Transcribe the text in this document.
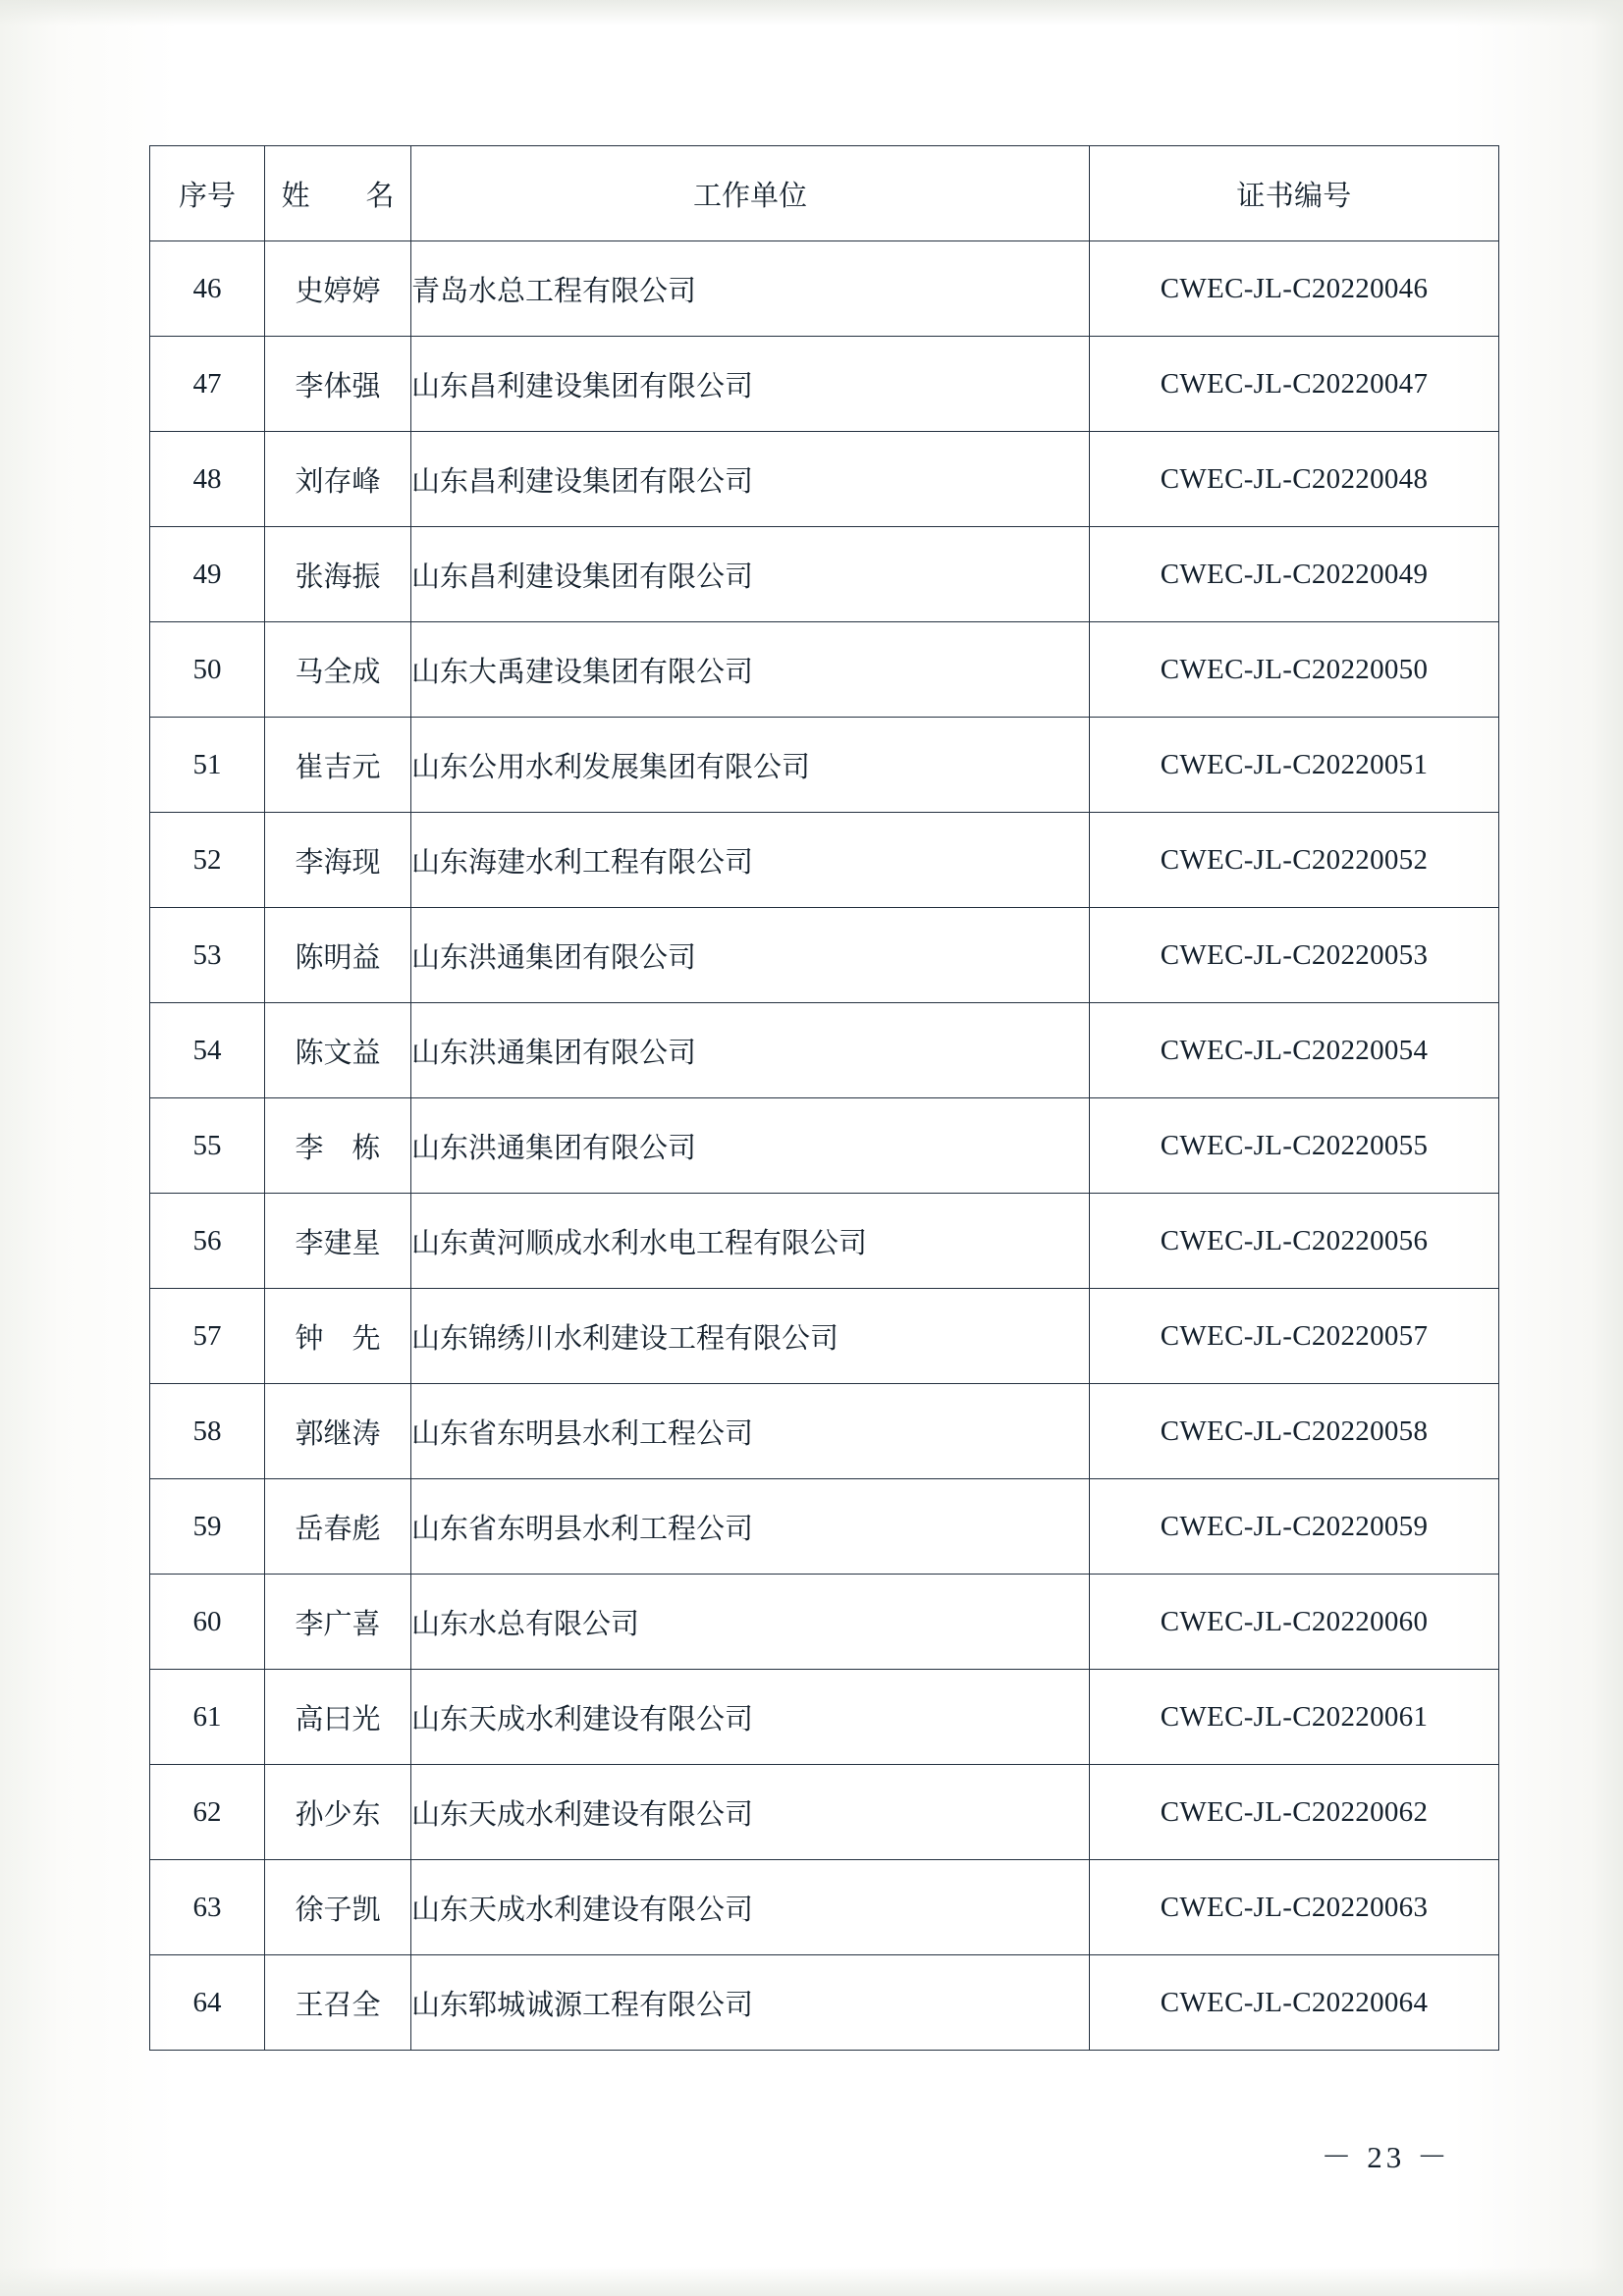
序号	姓　名	工作单位	证书编号
46	史婷婷	青岛水总工程有限公司	CWEC-JL-C20220046
47	李体强	山东昌利建设集团有限公司	CWEC-JL-C20220047
48	刘存峰	山东昌利建设集团有限公司	CWEC-JL-C20220048
49	张海振	山东昌利建设集团有限公司	CWEC-JL-C20220049
50	马全成	山东大禹建设集团有限公司	CWEC-JL-C20220050
51	崔吉元	山东公用水利发展集团有限公司	CWEC-JL-C20220051
52	李海现	山东海建水利工程有限公司	CWEC-JL-C20220052
53	陈明益	山东洪通集团有限公司	CWEC-JL-C20220053
54	陈文益	山东洪通集团有限公司	CWEC-JL-C20220054
55	李　栋	山东洪通集团有限公司	CWEC-JL-C20220055
56	李建星	山东黄河顺成水利水电工程有限公司	CWEC-JL-C20220056
57	钟　先	山东锦绣川水利建设工程有限公司	CWEC-JL-C20220057
58	郭继涛	山东省东明县水利工程公司	CWEC-JL-C20220058
59	岳春彪	山东省东明县水利工程公司	CWEC-JL-C20220059
60	李广喜	山东水总有限公司	CWEC-JL-C20220060
61	高曰光	山东天成水利建设有限公司	CWEC-JL-C20220061
62	孙少东	山东天成水利建设有限公司	CWEC-JL-C20220062
63	徐子凯	山东天成水利建设有限公司	CWEC-JL-C20220063
64	王召全	山东郓城诚源工程有限公司	CWEC-JL-C20220064
－ 23 －
